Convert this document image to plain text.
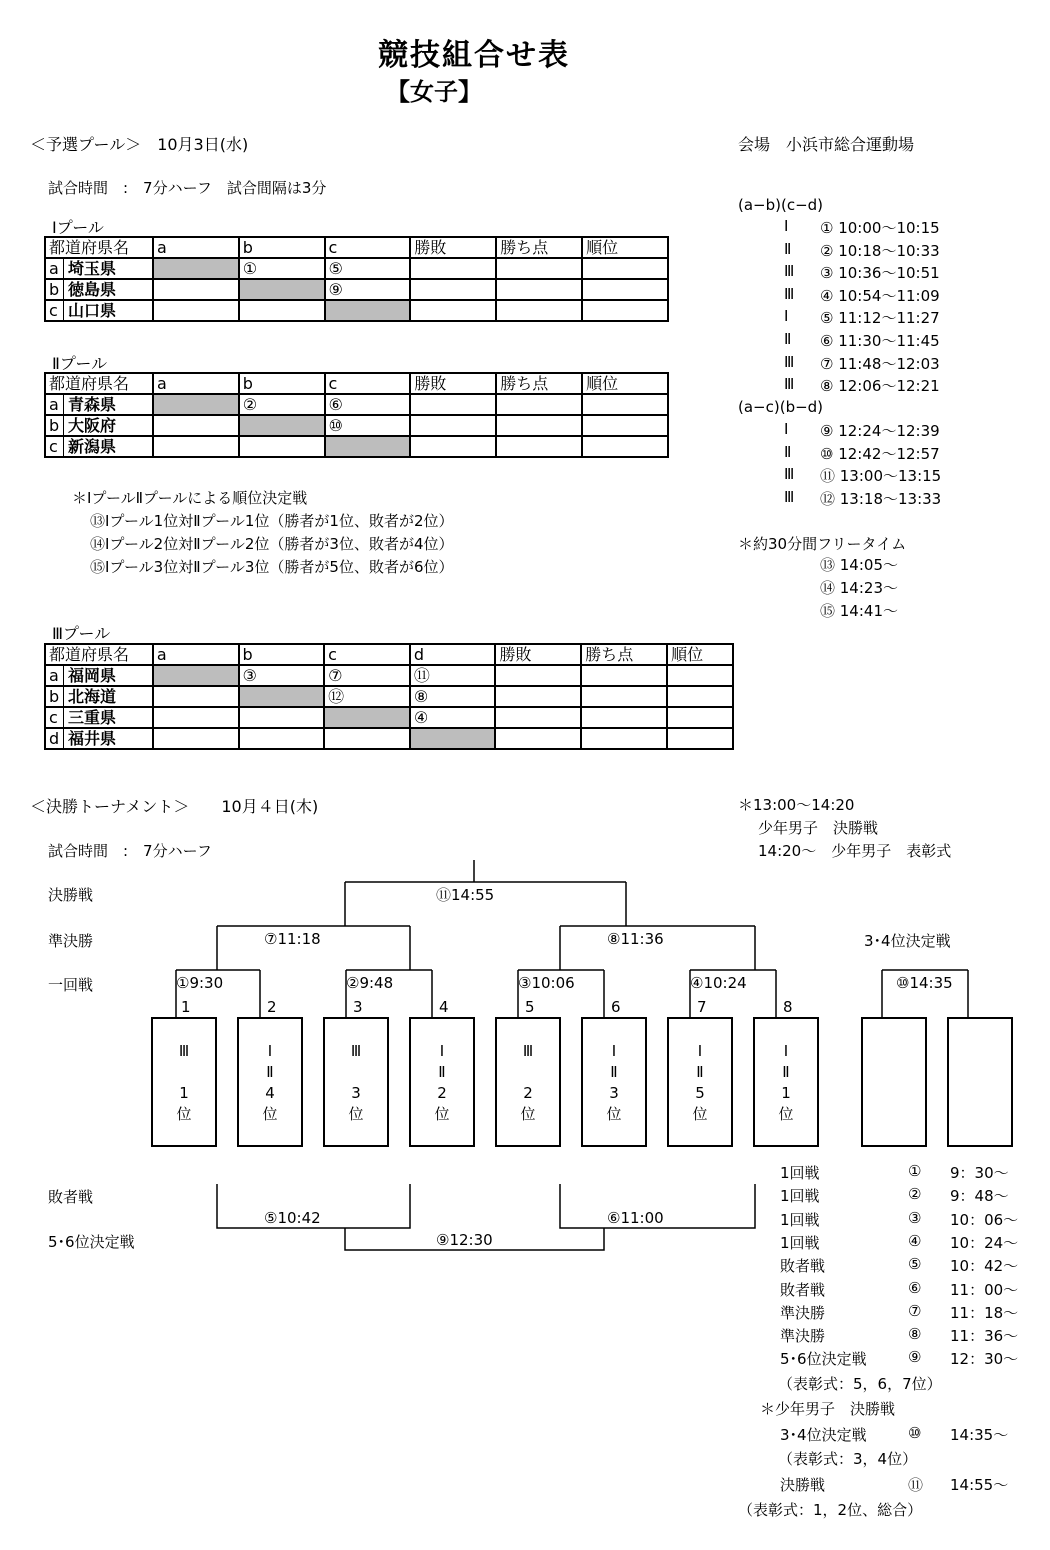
競技組合せ表
【女子】
＜予選プール＞　10月3日(水)	会場　小浜市総合運動場
試合時間　:　7分ハーフ　試合間隔は3分
Ⅰプール
都道府県名	a	b	c	勝敗	勝ち点	順位
a 埼玉県		①	⑤			
b 徳島県			⑨			
c 山口県						
Ⅱプール
都道府県名	a	b	c	勝敗	勝ち点	順位
a 青森県		②	⑥			
b 大阪府			⑩			
c 新潟県						
＊ⅠプールⅡプールによる順位決定戦
⑬Ⅰプール1位対Ⅱプール1位（勝者が1位、敗者が2位）
⑭Ⅰプール2位対Ⅱプール2位（勝者が3位、敗者が4位）
⑮Ⅰプール3位対Ⅱプール3位（勝者が5位、敗者が6位）
Ⅲプール
都道府県名	a	b	c	d	勝敗	勝ち点	順位
a 福岡県		③	⑦	⑪			
b 北海道			⑫	⑧			
c 三重県				④			
d 福井県							
(a−b)(c−d)
Ⅰ ① 10:00～10:15
Ⅱ ② 10:18～10:33
Ⅲ ③ 10:36～10:51
Ⅲ ④ 10:54～11:09
Ⅰ ⑤ 11:12～11:27
Ⅱ ⑥ 11:30～11:45
Ⅲ ⑦ 11:48～12:03
Ⅲ ⑧ 12:06～12:21
(a−c)(b−d)
Ⅰ ⑨ 12:24～12:39
Ⅱ ⑩ 12:42～12:57
Ⅲ ⑪ 13:00～13:15
Ⅲ ⑫ 13:18～13:33
＊約30分間フリータイム
⑬ 14:05～
⑭ 14:23～
⑮ 14:41～
＜決勝トーナメント＞　　10月４日(木)	＊13:00～14:20
少年男子　決勝戦
14:20～　少年男子　表彰式
試合時間　:　7分ハーフ
決勝戦
準決勝
一回戦
敗者戦
5･6位決定戦
3･4位決定戦
⑪14:55
⑦11:18	⑧11:36
①9:30	②9:48	③10:06	④10:24	⑩14:35
⑤10:42	⑥11:00
⑨12:30
1
Ⅲ

1
位
2
Ⅰ
Ⅱ
4
位
3
Ⅲ

3
位
4
Ⅰ
Ⅱ
2
位
5
Ⅲ

2
位
6
Ⅰ
Ⅱ
3
位
7
Ⅰ
Ⅱ
5
位
8
Ⅰ
Ⅱ
1
位
1回戦	① 9：30～
1回戦	② 9：48～
1回戦	③ 10：06～
1回戦	④ 10：24～
敗者戦	⑤ 10：42～
敗者戦	⑥ 11：00～
準決勝	⑦ 11：18～
準決勝	⑧ 11：36～
5･6位決定戦	⑨ 12：30～
（表彰式：5，6，7位）
＊少年男子　決勝戦
3･4位決定戦	⑩ 14:35～
（表彰式：3，4位）
決勝戦	⑪ 14:55～
（表彰式：1，2位、総合）
